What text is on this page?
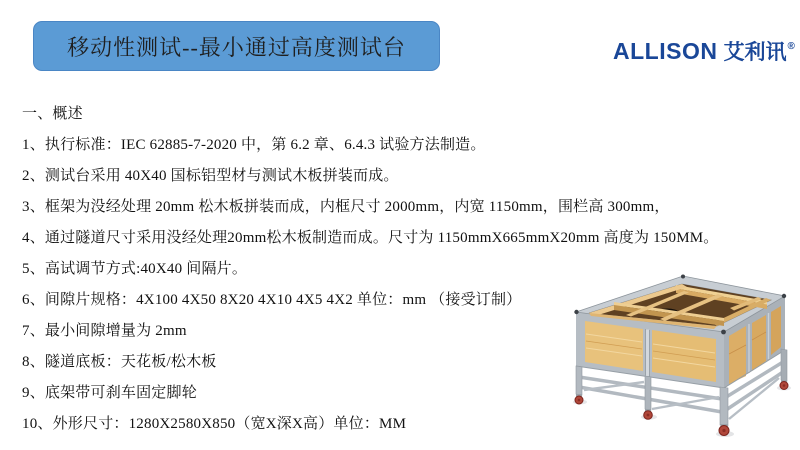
移动性测试--最小通过高度测试台	ALLISON 艾利讯®
一、概述
1、执行标准：IEC 62885-7-2020 中，第 6.2 章、6.4.3 试验方法制造。
2、测试台采用 40X40 国标铝型材与测试木板拼装而成。
3、框架为没经处理 20mm 松木板拼装而成，内框尺寸 2000mm，内宽 1150mm，围栏高 300mm，
4、通过隧道尺寸采用没经处理20mm松木板制造而成。尺寸为 1150mmX665mmX20mm 高度为 150MM。
5、高试调节方式:40X40 间隔片。
6、间隙片规格：4X100 4X50 8X20 4X10 4X5 4X2 单位：mm （接受订制）
7、最小间隙增量为 2mm
8、隧道底板：天花板/松木板
9、底架带可刹车固定脚轮
10、外形尺寸：1280X2580X850（宽X深X高）单位：MM
